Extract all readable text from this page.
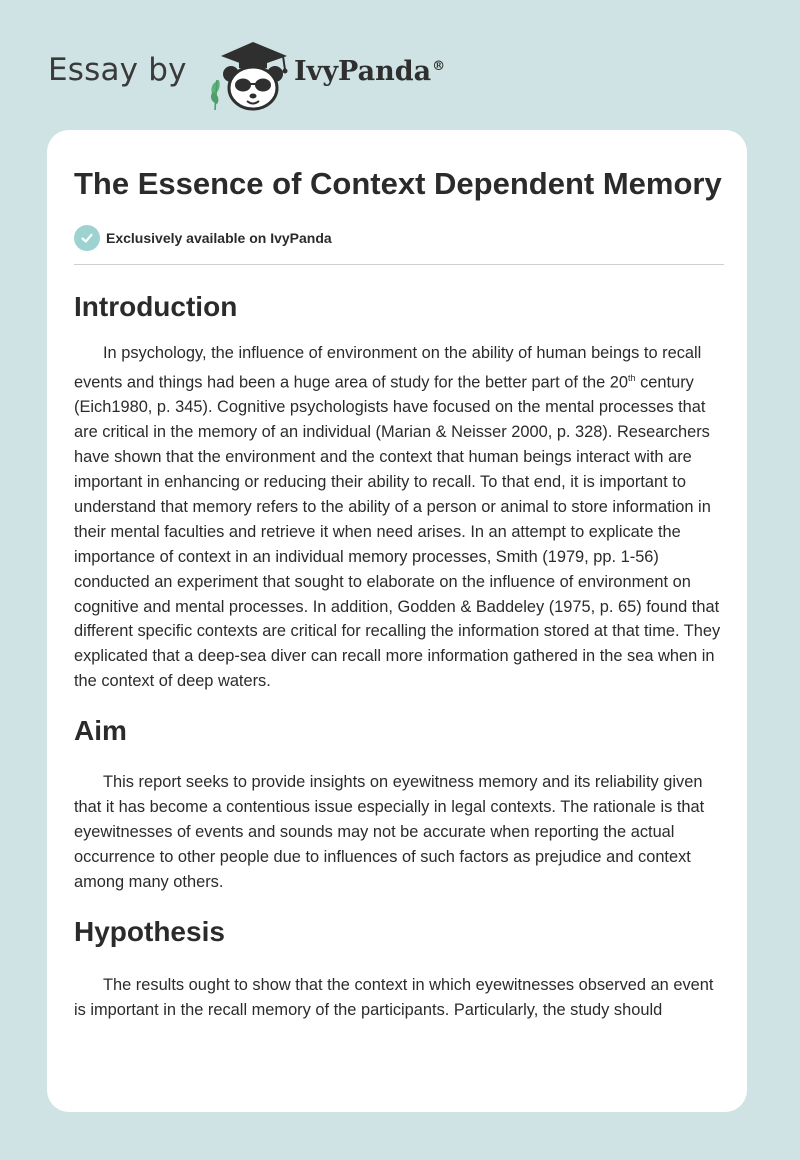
Essay by	IvyPanda®
The Essence of Context Dependent Memory
Exclusively available on IvyPanda
Introduction

In psychology, the influence of environment on the ability of human beings to recall events and things had been a huge area of study for the better part of the 20th century (Eich1980, p. 345). Cognitive psychologists have focused on the mental processes that are critical in the memory of an individual (Marian & Neisser 2000, p. 328). Researchers have shown that the environment and the context that human beings interact with are important in enhancing or reducing their ability to recall. To that end, it is important to understand that memory refers to the ability of a person or animal to store information in their mental faculties and retrieve it when need arises. In an attempt to explicate the importance of context in an individual memory processes, Smith (1979, pp. 1-56) conducted an experiment that sought to elaborate on the influence of environment on cognitive and mental processes. In addition, Godden & Baddeley (1975, p. 65) found that different specific contexts are critical for recalling the information stored at that time. They explicated that a deep-sea diver can recall more information gathered in the sea when in the context of deep waters.

Aim

This report seeks to provide insights on eyewitness memory and its reliability given that it has become a contentious issue especially in legal contexts. The rationale is that eyewitnesses of events and sounds may not be accurate when reporting the actual occurrence to other people due to influences of such factors as prejudice and context among many others.

Hypothesis

The results ought to show that the context in which eyewitnesses observed an event is important in the recall memory of the participants. Particularly, the study should
